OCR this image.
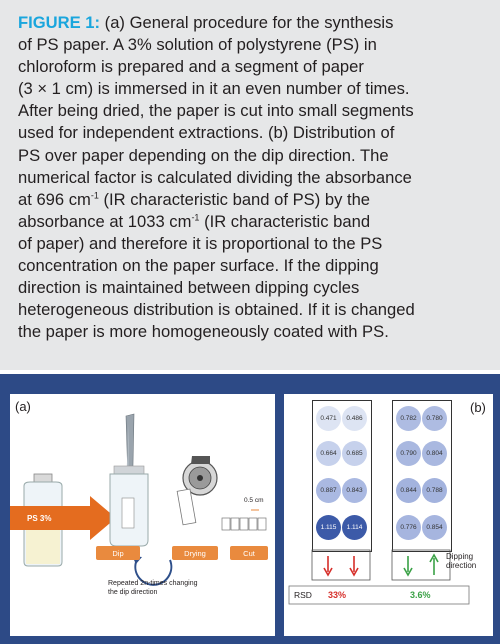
FIGURE 1: (a) General procedure for the synthesis
of PS paper. A 3% solution of polystyrene (PS) in
chloroform is prepared and a segment of paper
(3 × 1 cm) is immersed in it an even number of times.
After being dried, the paper is cut into small segments
used for independent extractions. (b) Distribution of
PS over paper depending on the dip direction. The
numerical factor is calculated dividing the absorbance
at 696 $cm^{-1}$ (IR characteristic band of PS) by the
absorbance at 1033 $cm^{-1}$ (IR characteristic band
of paper) and therefore it is proportional to the PS
concentration on the paper surface. If the dipping
direction is maintained between dipping cycles
heterogeneous distribution is obtained. If it is changed
the paper is more homogeneously coated with PS.
(a)
PS 3%
0.5 cm
Dip	Drying	Cut
Repeated 2n-times changing
the dip direction
(b)
0.471	0.486
0.664	0.685
0.887	0.843
1.115	1.114
0.782	0.780
0.790	0.804
0.844	0.788
0.776	0.854
Dipping
direction
RSD 33%	3.6%
